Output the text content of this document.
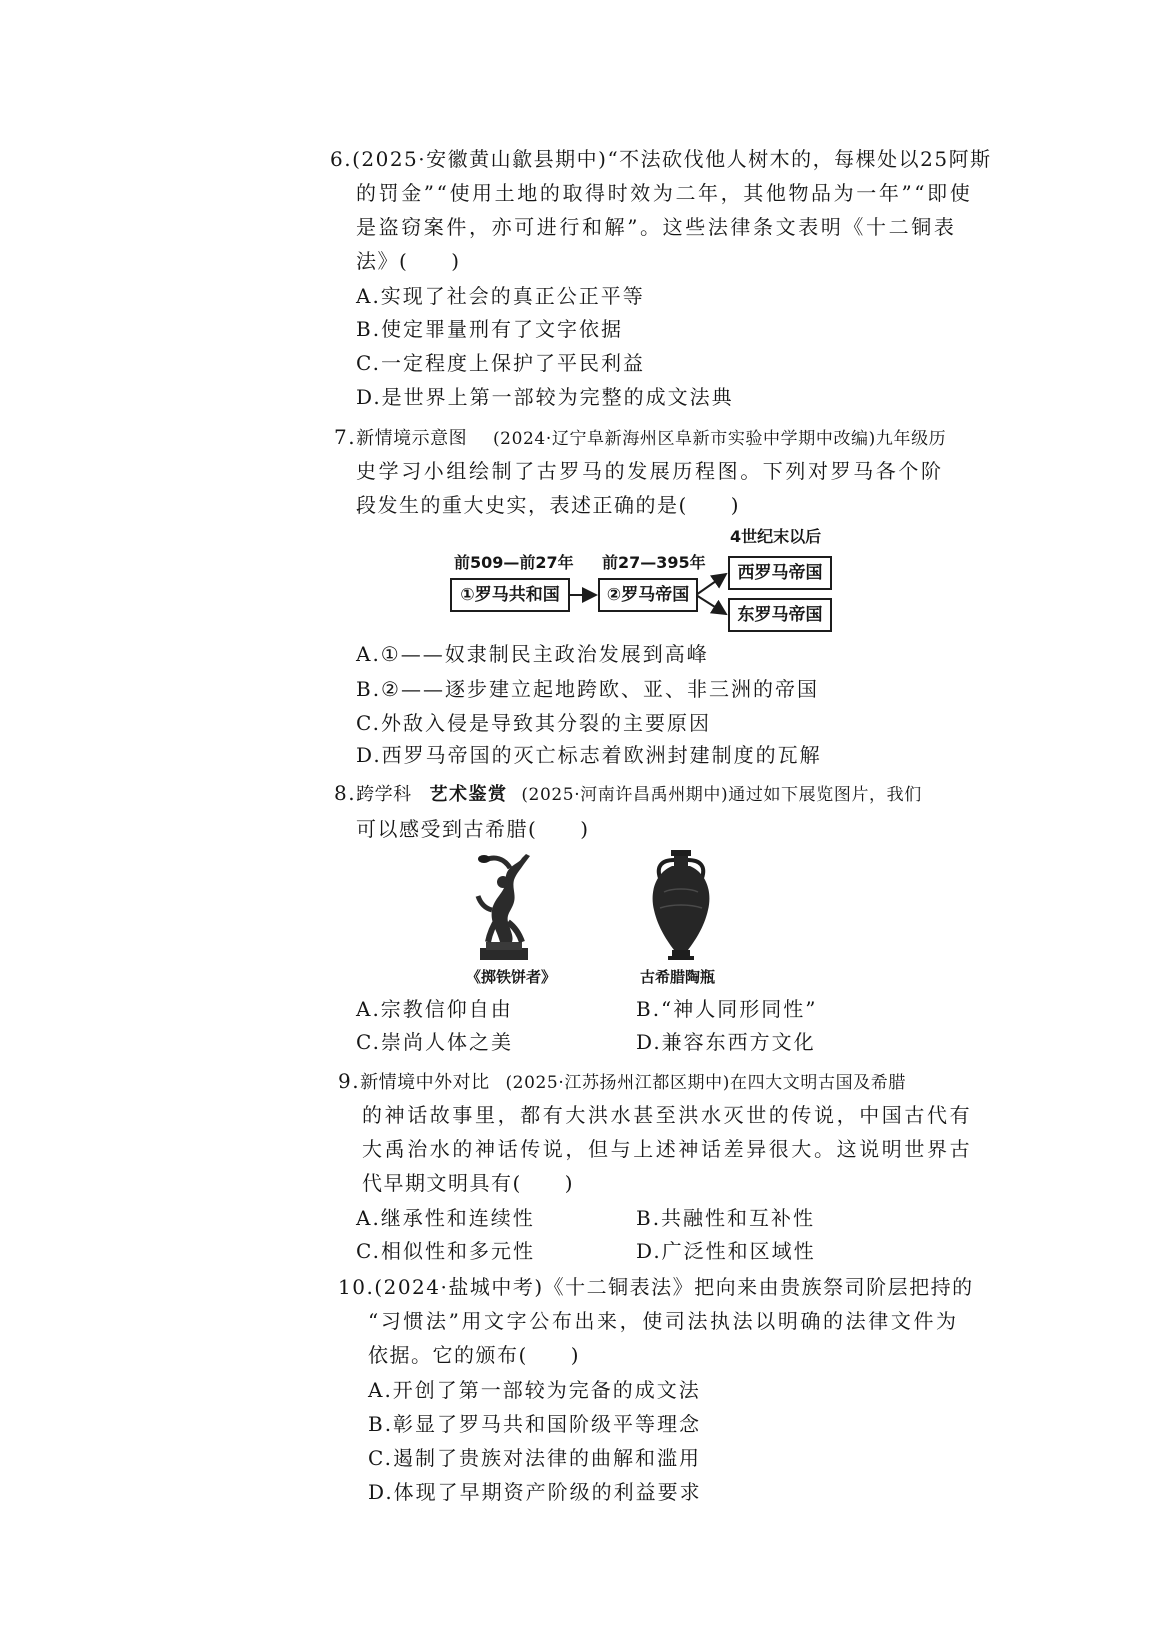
6.(2025·安徽黄山歙县期中)“不法砍伐他人树木的，每棵处以25阿斯
的罚金”“使用土地的取得时效为二年，其他物品为一年”“即使
是盗窃案件，亦可进行和解”。这些法律条文表明《十二铜表
法》(　　)
A.实现了社会的真正公正平等
B.使定罪量刑有了文字依据
C.一定程度上保护了平民利益
D.是世界上第一部较为完整的成文法典
7.新情境示意图 (2024·辽宁阜新海州区阜新市实验中学期中改编)九年级历
史学习小组绘制了古罗马的发展历程图。下列对罗马各个阶
段发生的重大史实，表述正确的是(　　)
前509—前27年 前27—395年
4世纪末以后
①罗马共和国	②罗马帝国
西罗马帝国
东罗马帝国
A.①——奴隶制民主政治发展到高峰
B.②——逐步建立起地跨欧、亚、非三洲的帝国
C.外敌入侵是导致其分裂的主要原因
D.西罗马帝国的灭亡标志着欧洲封建制度的瓦解
8.跨学科 艺术鉴赏 (2025·河南许昌禹州期中)通过如下展览图片，我们
可以感受到古希腊(　　)
《掷铁饼者》	古希腊陶瓶
A.宗教信仰自由	B.“神人同形同性”
C.崇尚人体之美	D.兼容东西方文化
9.新情境中外对比 (2025·江苏扬州江都区期中)在四大文明古国及希腊
的神话故事里，都有大洪水甚至洪水灭世的传说，中国古代有
大禹治水的神话传说，但与上述神话差异很大。这说明世界古
代早期文明具有(　　)
A.继承性和连续性	B.共融性和互补性
C.相似性和多元性	D.广泛性和区域性
10.(2024·盐城中考)《十二铜表法》把向来由贵族祭司阶层把持的
“习惯法”用文字公布出来，使司法执法以明确的法律文件为
依据。它的颁布(　　)
A.开创了第一部较为完备的成文法
B.彰显了罗马共和国阶级平等理念
C.遏制了贵族对法律的曲解和滥用
D.体现了早期资产阶级的利益要求
